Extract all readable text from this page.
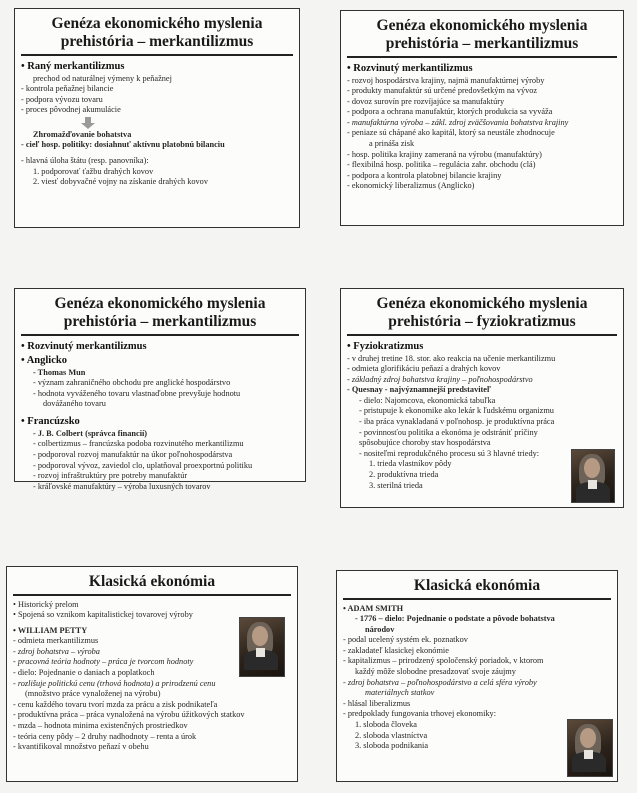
Genéza ekonomického myslenia
prehistória – merkantilizmus
• Raný merkantilizmus
prechod od naturálnej výmeny k peňažnej
- kontrola peňažnej bilancie
- podpora vývozu tovaru
- proces pôvodnej akumulácie
Zhromažďovanie bohatstva
- cieľ hosp. politiky: dosiahnuť aktívnu platobnú bilanciu
- hlavná úloha štátu (resp. panovníka):
1. podporovať ťažbu drahých kovov
2. viesť dobyvačné vojny na získanie drahých kovov
Genéza ekonomického myslenia
prehistória – merkantilizmus
• Rozvinutý merkantilizmus
- rozvoj hospodárstva krajiny, najmä manufaktúrnej výroby
- produkty manufaktúr sú určené predovšetkým na vývoz
- dovoz surovín pre rozvíjajúce sa manufaktúry
- podpora a ochrana manufaktúr, ktorých produkcia sa vyváža
- manufaktúrna výroba – zákl. zdroj zväčšovania bohatstva krajiny
- peniaze sú chápané ako kapitál, ktorý sa neustále zhodnocuje
a prináša zisk
- hosp. politika krajiny zameraná na výrobu (manufaktúry)
- flexibilná hosp. politika – regulácia zahr. obchodu (clá)
- podpora a kontrola platobnej bilancie krajiny
- ekonomický liberalizmus (Anglicko)
Genéza ekonomického myslenia
prehistória – merkantilizmus
• Rozvinutý merkantilizmus
• Anglicko
- Thomas Mun
- význam zahraničného obchodu pre anglické hospodárstvo
- hodnota vyváženého tovaru vlastnaďobne prevyšuje hodnotu
dovážaného tovaru
• Francúzsko
- J. B. Colbert (správca financií)
- colbertizmus – francúzska podoba rozvinutého merkantilizmu
- podporoval rozvoj manufaktúr na úkor poľnohospodárstva
- podporoval vývoz, zaviedol clo, uplatňoval proexportnú politiku
- rozvoj infraštruktúry pre potreby manufaktúr
- kráľovské manufaktúry – výroba luxusných tovarov
Genéza ekonomického myslenia
prehistória – fyziokratizmus
• Fyziokratizmus
- v druhej tretine 18. stor. ako reakcia na učenie merkantilizmu
- odmieta glorifikáciu peňazí a drahých kovov
- základný zdroj bohatstva krajiny – poľnohospodárstvo
- Quesnay - najvýznamnejší predstaviteľ
- dielo: Najomcova, ekonomická tabuľka
- pristupuje k ekonomike ako lekár k ľudskému organizmu
- iba práca vynakladaná v poľnohosp. je produktívna práca
- povinnosťou politika a ekonóma je odstrániť príčiny
spôsobujúce choroby stav hospodárstva
- nositeľmi reprodukčného procesu sú 3 hlavné triedy:
1. trieda vlastníkov pôdy
2. produktívna trieda
3. sterilná trieda
Klasická ekonómia
• Historický prelom
• Spojená so vznikom kapitalistickej tovarovej výroby
• WILLIAM PETTY
- odmieta merkantilizmus
- zdroj bohatstva – výroba
- pracovná teória hodnoty – práca je tvorcom hodnoty
- dielo: Pojednanie o daniach a poplatkoch
- rozlišuje politickú cenu (trhová hodnota) a prirodzenú cenu
(množstvo práce vynaloženej na výrobu)
- cenu každého tovaru tvorí mzda za prácu a zisk podnikateľa
- produktívna práca – práca vynaložená na výrobu úžitkových statkov
- mzda – hodnota minima existenčných prostriedkov
- teória ceny pôdy – 2 druhy nadhodnoty – renta a úrok
- kvantifikoval množstvo peňazí v obehu
Klasická ekonómia
• ADAM SMITH
- 1776 – dielo: Pojednanie o podstate a pôvode bohatstva
národov
- podal ucelený systém ek. poznatkov
- zakladateľ klasickej ekonómie
- kapitalizmus – prirodzený spoločenský poriadok, v ktorom
každý môže slobodne presadzovať svoje záujmy
- zdroj bohatstva – poľnohospodárstvo a celá sféra výroby
materiálnych statkov
- hlásal liberalizmus
- predpoklady fungovania trhovej ekonomiky:
1. sloboda človeka
2. sloboda vlastníctva
3. sloboda podnikania
